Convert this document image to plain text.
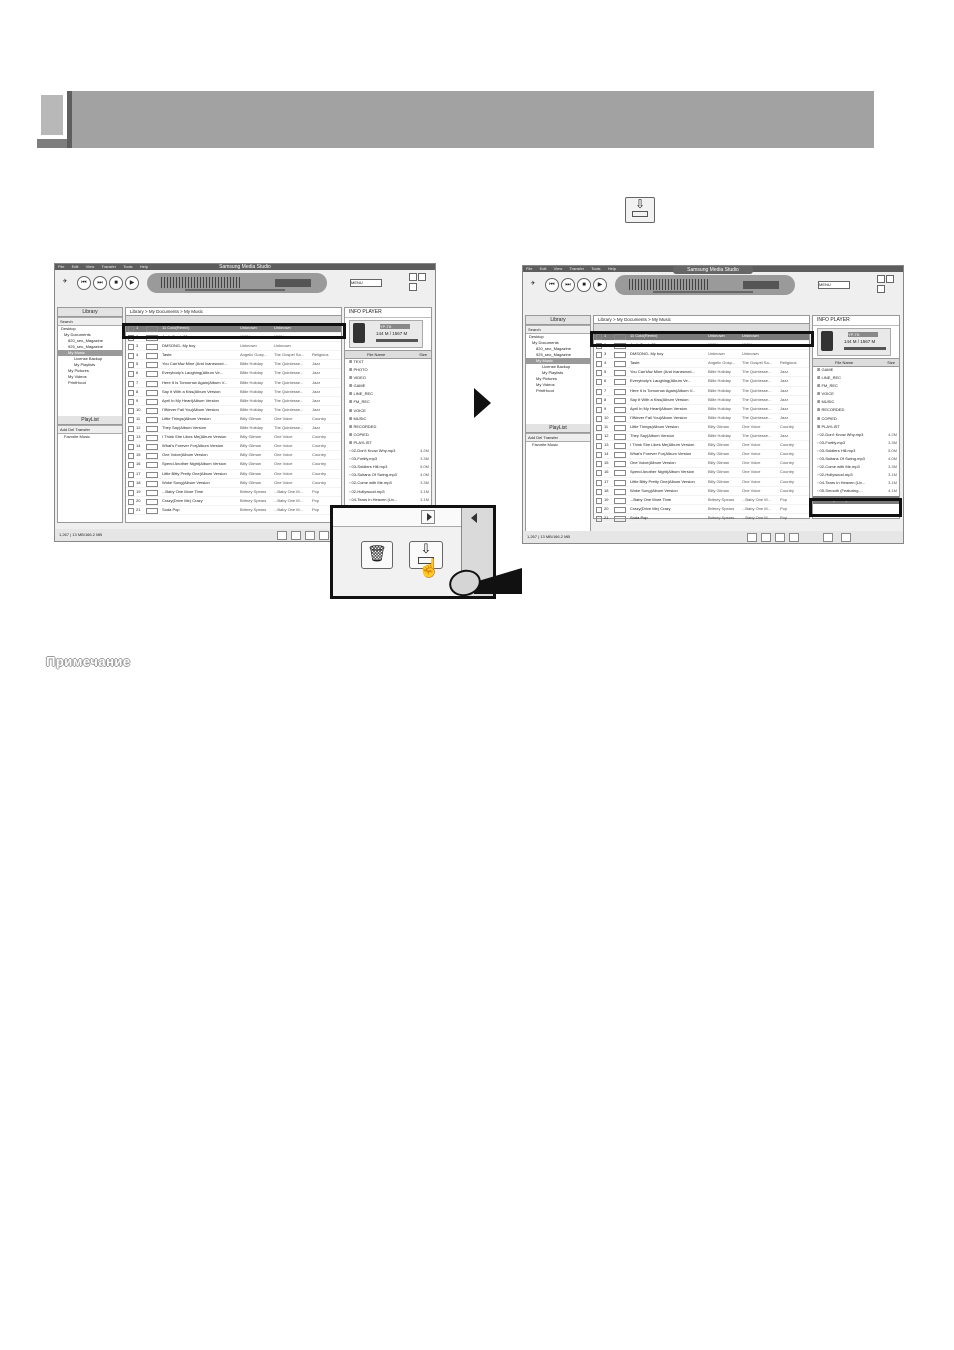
⇩
File Edit View Transfer Tools Help	Samsung Media Studio
✈	⏮	⏭	■	▶	MENU
Library
Search
Desktop
My Documents
820_seo_Magazine
925_seo_Magazine
My Music
License Backup
My Playlists
My Pictures
My Videos
PrintHood
PlayList
Add Del Transfer
Favorite Music
Library > My Documents > My Music
1	11 Cold(Remix)	Unknown	Unknown
2	AudioTrack 03	ICON	ICON
3	DMSONG- My boy	Unknown	Unknown
4	Taste	Angelic Gosp...	The Gospel Sa...	Religious
5	You Can'tAw Mine (And Ivaneword...	Billie Holiday	The Quintesse...	Jazz
6	Everybody's Laughing(Album Ve...	Billie Holiday	The Quintesse...	Jazz
7	Here It Is Tomorrow Again(Album V...	Billie Holiday	The Quintesse...	Jazz
8	Say It With a Kiss(Album Version	Billie Holiday	The Quintesse...	Jazz
9	April In My Heart(Album Version	Billie Holiday	The Quintesse...	Jazz
10	I'llNever Fail You(Album Version	Billie Holiday	The Quintesse...	Jazz
11	Little Things(Album Version	Billy Gilman	One Voice	Country
12	They Say(Album Version	Billie Holiday	The Quintesse...	Jazz
13	I Think She Likes Me(Album Version	Billy Gilman	One Voice	Country
14	What's Forever For(Album Version	Billy Gilman	One Voice	Country
15	One Voice(Album Version	Billy Gilman	One Voice	Country
16	Spend Another Night(Album Version	Billy Gilman	One Voice	Country
17	Little Bitty Pretty One(Album Version	Billy Gilman	One Voice	Country
18	Woke Song(Album Version	Billy Gilman	One Voice	Country
19	...Baby One More Time	Britney Spears	...Baby One M...	Pop
20	Crazy(Drive Me) Crazy	Britney Spears	...Baby One M...	Pop
21	Soda Pop	Britney Spears	...Baby One M...	Pop
INFO PLAYER
YP-T8
144 M / 1567 M
File Name	Size
⊞ TEXT
⊞ PHOTO
⊞ VIDEO
⊞ GAME
⊞ LINE_REC
⊞ FM_REC
⊞ VOICE
⊞ MUSIC
⊞ RECORDED
⊞ COPIED
⊞ PLAYLIST
▫ 02-Don't Know Why.mp3	4.2M
▫ 03-Fortify.mp3	3.3M
▫ 03-Soldiers Hill.mp3	5.0M
▫ 03-Sultans Of Swing.mp3	4.0M
▫ 02-Come with Me.mp3	3.3M
▫ 02-Hollywood.mp3	3.1M
▫ 04-Tears In Heaven (Liv...	3.1M
1,267 | 13 MB/166.2 MB
🗑	⇩
☝
File Edit View Transfer Tools Help	Samsung Media Studio
✈	⏮	⏭	■	▶	MENU
Library
Search
Desktop
My Documents
820_seo_Magazine
925_seo_Magazine
My Music
License Backup
My Playlists
My Pictures
My Videos
PrintHood
PlayList
Add Del Transfer
Favorite Music
Library > My Documents > My Music
1	11 Cold(Remix)	Unknown	Unknown
2	AudioTrack 03	ICON	ICON
3	DMSONG- My boy	Unknown	Unknown
4	Taste	Angelic Gosp...	The Gospel Sa...	Religious
5	You Can'tAw Mine (And Ivaneword...	Billie Holiday	The Quintesse...	Jazz
6	Everybody's Laughing(Album Ve...	Billie Holiday	The Quintesse...	Jazz
7	Here It Is Tomorrow Again(Album V...	Billie Holiday	The Quintesse...	Jazz
8	Say It With a Kiss(Album Version	Billie Holiday	The Quintesse...	Jazz
9	April In My Heart(Album Version	Billie Holiday	The Quintesse...	Jazz
10	I'llNever Fail You(Album Version	Billie Holiday	The Quintesse...	Jazz
11	Little Things(Album Version	Billy Gilman	One Voice	Country
12	They Say(Album Version	Billie Holiday	The Quintesse...	Jazz
13	I Think She Likes Me(Album Version	Billy Gilman	One Voice	Country
14	What's Forever For(Album Version	Billy Gilman	One Voice	Country
15	One Voice(Album Version	Billy Gilman	One Voice	Country
16	Spend Another Night(Album Version	Billy Gilman	One Voice	Country
17	Little Bitty Pretty One(Album Version	Billy Gilman	One Voice	Country
18	Woke Song(Album Version	Billy Gilman	One Voice	Country
19	...Baby One More Time	Britney Spears	...Baby One M...	Pop
20	Crazy(Drive Me) Crazy	Britney Spears	...Baby One M...	Pop
21	Soda Pop	Britney Spears	...Baby One M...	Pop
INFO PLAYER
YP-T8
144 M / 1567 M
File Name	Size
⊞ GAME
⊞ LINE_REC
⊞ FM_REC
⊞ VOICE
⊞ MUSIC
⊞ RECORDED
⊞ COPIED
⊞ PLAYLIST
▫ 02-Don't Know Why.mp3	4.2M
▫ 03-Fortify.mp3	3.3M
▫ 03-Soldiers Hill.mp3	5.0M
▫ 03-Sultans Of Swing.mp3	4.0M
▫ 02-Come with Me.mp3	3.3M
▫ 02-Hollywood.mp3	3.1M
▫ 04-Tears In Heaven (Liv...	3.1M
▫ 05-Smooth (Featuring ...	4.1M
▫ 11 Cold(Remix).wma	0.1M
1,267 | 13 MB/166.2 MB
Примечание
